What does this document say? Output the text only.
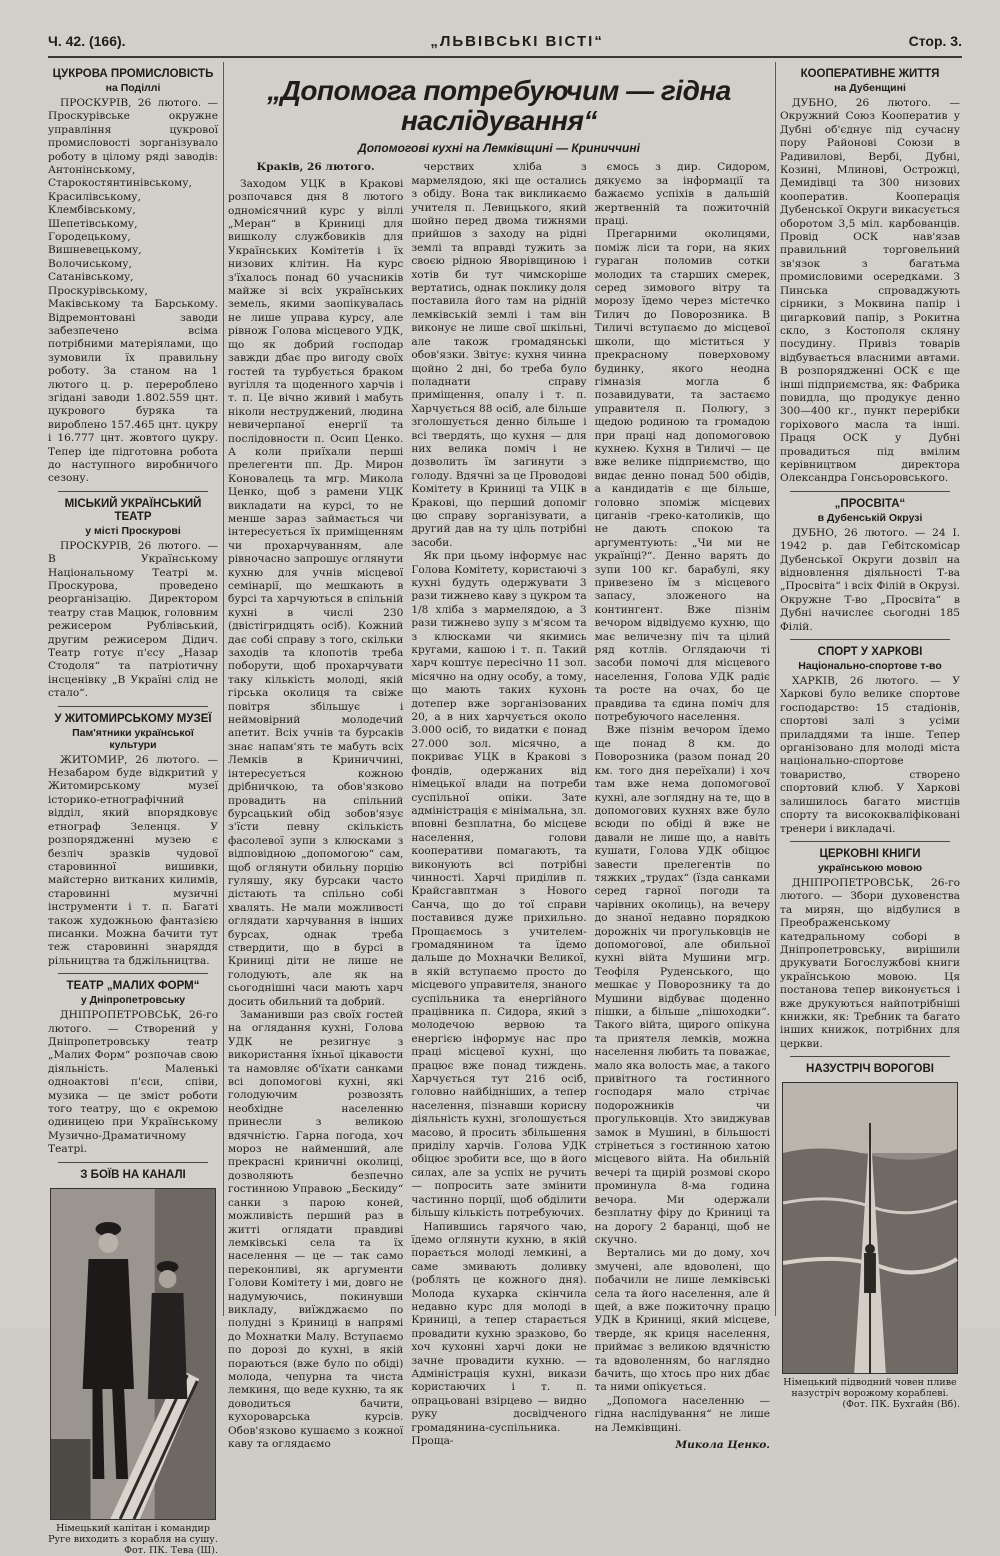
Ч. 42. (166).	„ЛЬВІВСЬКІ ВІСТІ“	Стор. 3.
ЦУКРОВА ПРОМИСЛОВІСТЬ
на Поділлі

ПРОСКУРІВ, 26 лютого. — Проскурівське окружне управління цукрової промисловості зорганізувало роботу в цілому ряді заводів: Антонінському, Старокостянтинівському, Красилівському, Клембівському, Шепетівському, Городецькому, Вишневецькому, Волочиському, Сатанівському, Проскурівському, Маківському та Барському. Відремонтовані заводи забезпечено всіма потрібними матеріялами, що зумовили їх правильну роботу. За станом на 1 лютого ц. р. перероблено згідані заводи 1.802.559 цнт. цукрового буряка та вироблено 157.465 цнт. цукру і 16.777 цнт. жовтого цукру. Тепер іде підготовна робота до наступного виробничого сезону.

МІСЬКИЙ УКРАЇНСЬКИЙ ТЕАТР
у місті Проскурові

ПРОСКУРІВ, 26 лютого. — В Українському Національному Театрі м. Проскурова, проведено реорганізацію. Директором театру став Мацюк, головним режисером Рублівський, другим режисером Дідич. Театр готує п'єсу „Назар Стодоля“ та патріотичну інсценівку „В Україні слід не стало“.

У ЖИТОМИРСЬКОМУ МУЗЕЇ
Пам'ятники української культури

ЖИТОМИР, 26 лютого. — Незабаром буде відкритий у Житомирському музеї історико-етнографічний відділ, який впорядковує етнограф Зеленця. У розпорядженні музею є безліч зразків чудової старовинної вишивки, майстерно витканих килимів, старовинні музичні інструменти і т. п. Багаті також художньою фантазією писанки. Можна бачити тут теж старовинні знаряддя рільництва та бджільництва.

ТЕАТР „МАЛИХ ФОРМ“
у Дніпропетровську

ДНІПРОПЕТРОВСЬК, 26-го лютого. — Створений у Дніпропетровську театр „Малих Форм“ розпочав свою діяльність. Маленькі одноактові п'єси, співи, музика — це зміст роботи того театру, що є окремою одиницею при Українському Музично-Драматичному Театрі.

З БОЇВ НА КАНАЛІ
Німецький капітан і командир Руге виходить з корабля на сушу.
Фот. ПК. Тева (Ш).
„Допомога потребуючим — гідна наслідування“
Допомогові кухні на Лемківщині — Криниччині
Краків, 26 лютого.

Заходом УЦК в Кракові розпочався дня 8 лютого одномісячний курс у віллі „Меран“ в Криниці для вишколу службовиків для Українських Комітетів і їх низових клітин. На курс з'їхалось понад 60 учасників майже зі всіх українських земель, якими заопікувалась не лише управа курсу, але рівнож Голова місцевого УДК, що як добрий господар завжди дбає про вигоду своїх гостей та турбується браком вугілля та щоденного харчів і т. п. Це вічно живий і мабуть ніколи неструджений, людина невичерпаної енергії та послідовности п. Осип Ценко. А коли приїхали перші прелегенти пп. Др. Мирон Коновалець та мгр. Микола Ценко, щоб з рамени УЦК викладати на курсі, то не менше зараз займається чи інтересується їх приміщенням чи прохарчуванням, але рівночасно запрошує оглянути кухню для учнів місцевої семінарії, що мешкають в бурсі та харчуються в спільній кухні в числі 230 (двістігридцять осіб). Кожний дає собі справу з того, скільки заходів та клопотів треба поборути, щоб прохарчувати таку кількість молоді, якій гірська околиця та свіже повітря збільшує і неймовірний молодечий апетит. Всіх учнів та бурсаків знає напам'ять те мабуть всіх Лемків в Криниччині, інтересується кожною дрібничкою, та обов'язково провадить на спільний бурсацький обід зобов'язує з'їсти певну скількість фасолевої зупи з клюсками з відповідною „допомогою“ сам, щоб оглянути обильну порцію гуляшу, яку бурсаки часто дістають та спільно собі хвалять. Не мали можливості оглядати харчування в інших бурсах, однак треба ствердити, що в бурсі в Криниці діти не лише не голодують, але як на сьогоднішні часи мають харч досить обильний та добрий.

Заманивши раз своїх гостей на оглядання кухні, Голова УДК не резигнує з використання їхньої цікавости та намовляє об'їхати санками всі допомогові кухні, які голодуючим розвозять необхідне населенню принесли з великою вдячністю. Гарна погода, хоч мороз не найменший, але прекрасні криничні околиці, дозволяють безпечно гостинною Управою „Бескиду“ санки з парою коней, можливість перший раз в житті оглядати правдиві лемківські села та їх населення — це — так само переконливі, як аргументи Голови Комітету і ми, довго не надумуючись, покинувши викладу, виїжджаємо по полудні з Криниці в напрямі до Мохнатки Малу. Вступаємо по дорозі до кухні, в якій пораються (вже було по обіді) молода, чепурна та чиста лемкиня, що веде кухню, та як доводиться бачити, кухороварська курсів. Обов'язково кушаємо з кожної каву та оглядаємо

черствих хліба з мармелядою, які ще остались з обіду. Вона так викликаємо учителя п. Левицького, який шойно перед двома тижнями прийшов з заходу на рідні землі та вправді тужить за своєю рідною Яворівщиною і хотів би тут чимскоріше вертатись, однак поклику доля поставила його там на рідній лемківській землі і там він виконує не лише свої шкільні, але також громадянські обов'язки. Звітує: кухня чинна щойно 2 дні, бо треба було поладнати справу приміщення, опалу і т. п. Харчується 88 осіб, але більше зголошується денно більше і всі твердять, що кухня — для них велика поміч і не дозволить їм загинути з голоду. Вдячні за це Проводові Комітету в Криниці та УЦК в Кракові, що перший допоміг цю справу зорганізувати, а другий дав на ту ціль потрібні засоби.

Як при цьому інформує нас Голова Комітету, користаючі з кухні будуть одержувати 3 рази тижнево каву з цукром та 1/8 хліба з мармелядою, а 3 рази тижнево зупу з м'ясом та з клюсками чи якимись кругами, кашою і т. п. Такий харч коштує пересічно 11 зол. місячно на одну особу, а тому, що мають таких кухонь дотепер вже зорганізованих 20, а в них харчується около 3.000 осіб, то видатки є понад 27.000 зол. місячно, а покриває УЦК в Кракові з фондів, одержаних від німецької влади на потреби суспільної опіки. Зате адміністрація є мінімальна, зл. вповні безплатна, бо місцеве населення, голови кооперативи помагають, та виконують всі потрібні чинності. Харчі приділив п. Крайсгавптман з Нового Санча, що до тої справи поставився дуже прихильно. Прощаємось з учителем-громадянином та їдемо дальше до Мохначки Великої, в якій вступаємо просто до місцевого управителя, знаного суспільника та енергійного працівника п. Сидора, який з молодечою вервою та енергією інформує нас про праці місцевої кухні, що працює вже понад тиждень. Харчується тут 216 осіб, головно найбідніших, а тепер населення, пізнавши корисну діяльність кухні, зголошується масово, й просить збільшення приділу харчів. Голова УДК обіцює зробити все, що в його силах, але за успіх не ручить — попросить зате змінити частинно порції, щоб обділити більшу кількість потребуючих.

Напившись гарячого чаю, їдемо оглянути кухню, в якій порається молоді лемкині, а саме змивають доливку (роблять це кожного дня). Молода кухарка скінчила недавно курс для молоді в Криниці, а тепер старається провадити кухню зразково, бо хоч кухонні харчі доки не зачне провадити кухню. — Адміністрація кухні, викази користаючих і т. п. опрацьовані взірцево — видно руку досвідченого громадянина-суспільника. Проща-

ємось з дир. Сидором, дякуємо за інформації та бажаємо успіхів в дальшій жертвенній та пожиточній праці.

Прегарними околицями, поміж ліси та гори, на яких гураган поломив сотки молодих та старших смерек, серед зимового вітру та морозу їдемо через містечко Тилич до Поворозника. В Тиличі вступаємо до місцевої школи, що міститься у прекрасному поверховому будинку, якого неодна гімназія могла б позавидувати, та застаємо управителя п. Полюгу, з щедою родиною та громадою при праці над допомоговою кухнею. Кухня в Тиличі — це вже велике підприємство, що видає денно понад 500 обідів, а кандидатів є ще більше, головно зпоміж місцевих циганів -греко-католиків, що не дають спокою та аргументують: „Чи ми не українці?“. Денно варять до зупи 100 кг. барабулі, яку привезено їм з місцевого запасу, зложеного на контингент. Вже пізнім вечором відвідуємо кухню, що має величезну піч та цілий ряд котлів. Оглядаючи ті засоби помочі для місцевого населення, Голова УДК радіє та росте на очах, бо це правдива та єдина поміч для потребуючого населення.

Вже пізнім вечором їдемо ще понад 8 км. до Поворозника (разом понад 20 км. того дня переїхали) і хоч там вже нема допомогової кухні, але зоглядну на те, що в допомогових кухнях вже було всюди по обіді й вже не давали не лише що, а навіть кушати, Голова УДК обіцює завести прелегентів по тяжких „трудах“ (їзда санками серед гарної погоди та чарівних околиць), на вечеру до знаної недавно порядкою дорожніх чи прогульковців не допомогової, але обильної кухні війта Мушини мгр. Теофіля Руденського, що мешкає у Поворознику та до Мушини відбуває щоденно пішки, а більше „пішоходки“. Такого війта, щирого опікуна та приятеля лемків, можна населення любить та поважає, мало яка волость має, а такого привітного та гостинного господаря мало стрічає подорожників чи прогульковців. Хто звиджував замок в Мушині, в більшості стрінеться з гостинною хатою місцевого війта. На обильній вечері та щирій розмові скоро проминула 8-ма година вечора. Ми одержали безплатну фіру до Криниці та на дорогу 2 баранці, щоб не скучно.

Вертались ми до дому, хоч змучені, але вдоволені, що побачили не лише лемківські села та його населення, але й щей, а вже пожиточну працю УДК в Криниці, який місцеве, тверде, як криця населення, приймає з великою вдячністю та вдоволенням, бо наглядно бачить, що хтось про них дбає та ними опікується.

„Допомога населенню — гідна наслідування“ не лише на Лемківщині.

Микола Ценко.
КООПЕРАТИВНЕ ЖИТТЯ
на Дубенщині

ДУБНО, 26 лютого. — Окружний Союз Кооператив у Дубні об'єднує під сучасну пору Районові Союзи в Радивилові, Вербі, Дубні, Козині, Млинові, Острожці, Демидівці та 300 низових кооператив. Кооперація Дубенської Округи викаcується оборотом 3,5 міл. карбованців. Провід ОСК нав'язав правильний торговельний зв'язок з багатьма промисловими осередками. З Пинська спроваджують сірники, з Моквина папір і цигарковий папір, з Рокитна скло, з Костополя скляну посудину. Привіз товарів відбувається власними автами. В розпорядженні ОСК є ще інші підприємства, як: Фабрика повидла, що продукує денно 300—400 кг., пункт перерібки горіхового масла та інші. Праця ОСК у Дубні провадиться під вмілим керівництвом директора Олександра Гонсьоровського.

„ПРОСВІТА“
в Дубенській Окрузі

ДУБНО, 26 лютого. — 24 І. 1942 р. дав Гебітскомісар Дубенської Округи дозвіл на відновлення діяльності Т-ва „Просвіта“ і всіх Філій в Окрузі. Окружне Т-во „Просвіта“ в Дубні начислеє сьогодні 185 Філій.

СПОРТ У ХАРКОВІ
Національно-спортове т-во

ХАРКІВ, 26 лютого. — У Харкові було велике спортове господарство: 15 стадіонів, спортові залі з усіми приладдями та інше. Тепер організовано для молоді міста національно-спортове товариство, створено спортовий клюб. У Харкові залишилось багато мистців спорту та висококваліфіковані тренери і викладачі.

ЦЕРКОВНІ КНИГИ
українською мовою

ДНІПРОПЕТРОВСЬК, 26-го лютого. — Збори духовенства та мирян, що відбулися в Преображенському катедральному соборі в Дніпропетровську, вирішили друкувати Богослужбові книги українською мовою. Ця постанова тепер виконується і вже друкуються найпотрібніші книжки, як: Требник та багато інших книжок, потрібних для церкви.

НАЗУСТРІЧ ВОРОГОВІ
Німецький підводний човен пливе назустріч ворожому кораблеві.
(Фот. ПК. Бухгайн (Вб).
